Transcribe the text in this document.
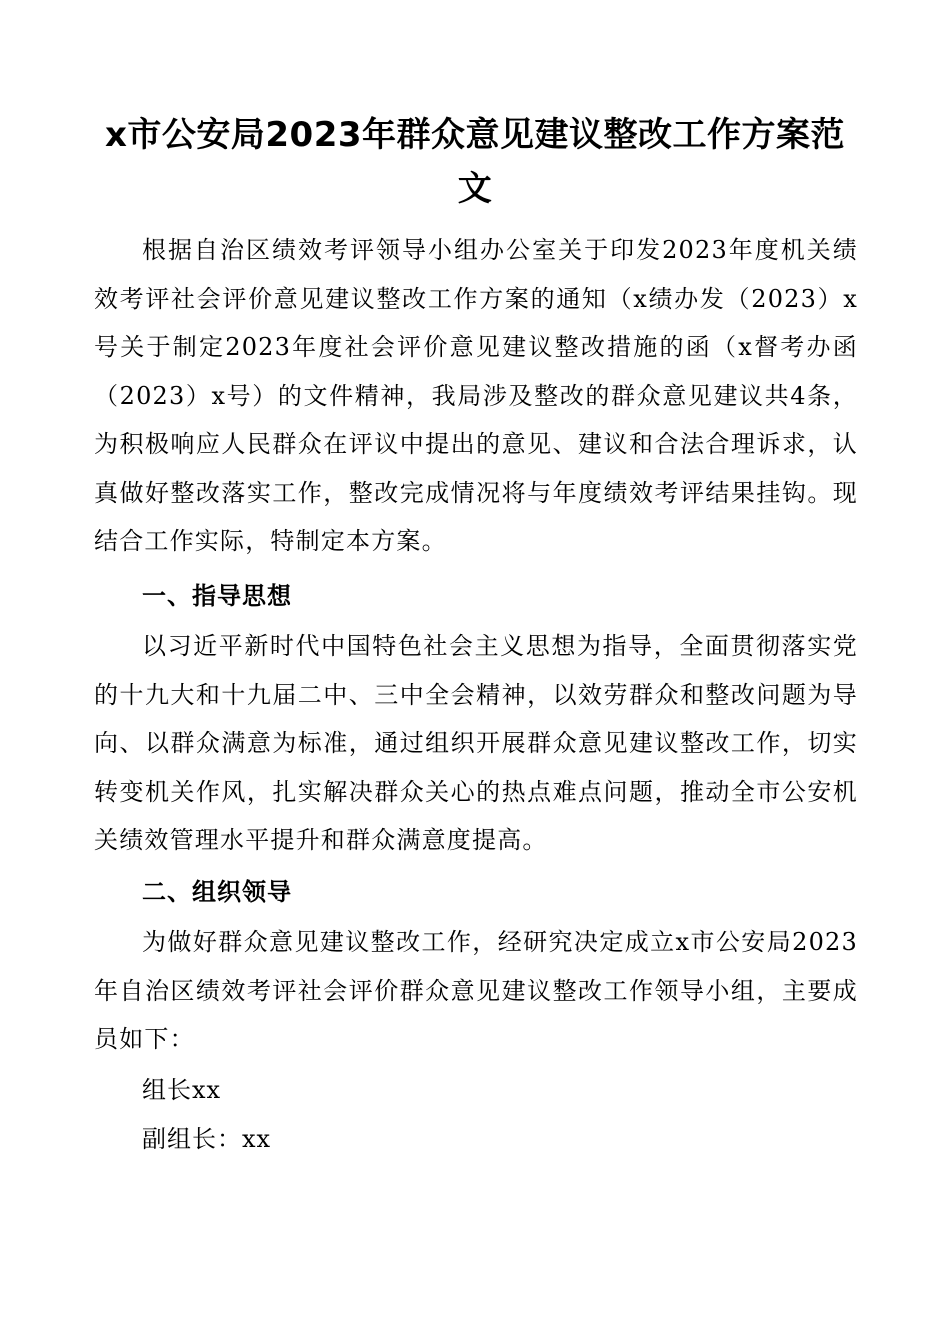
x市公安局2023年群众意见建议整改工作方案范文

根据自治区绩效考评领导小组办公室关于印发2023年度机关绩效考评社会评价意见建议整改工作方案的通知（x绩办发（2023）x号关于制定2023年度社会评价意见建议整改措施的函（x督考办函（2023）x号）的文件精神，我局涉及整改的群众意见建议共4条，为积极响应人民群众在评议中提出的意见、建议和合法合理诉求，认真做好整改落实工作，整改完成情况将与年度绩效考评结果挂钩。现结合工作实际，特制定本方案。

一、指导思想

以习近平新时代中国特色社会主义思想为指导，全面贯彻落实党的十九大和十九届二中、三中全会精神，以效劳群众和整改问题为导向、以群众满意为标准，通过组织开展群众意见建议整改工作，切实转变机关作风，扎实解决群众关心的热点难点问题，推动全市公安机关绩效管理水平提升和群众满意度提高。

二、组织领导

为做好群众意见建议整改工作，经研究决定成立x市公安局2023年自治区绩效考评社会评价群众意见建议整改工作领导小组，主要成员如下：

组长xx

副组长：xx
